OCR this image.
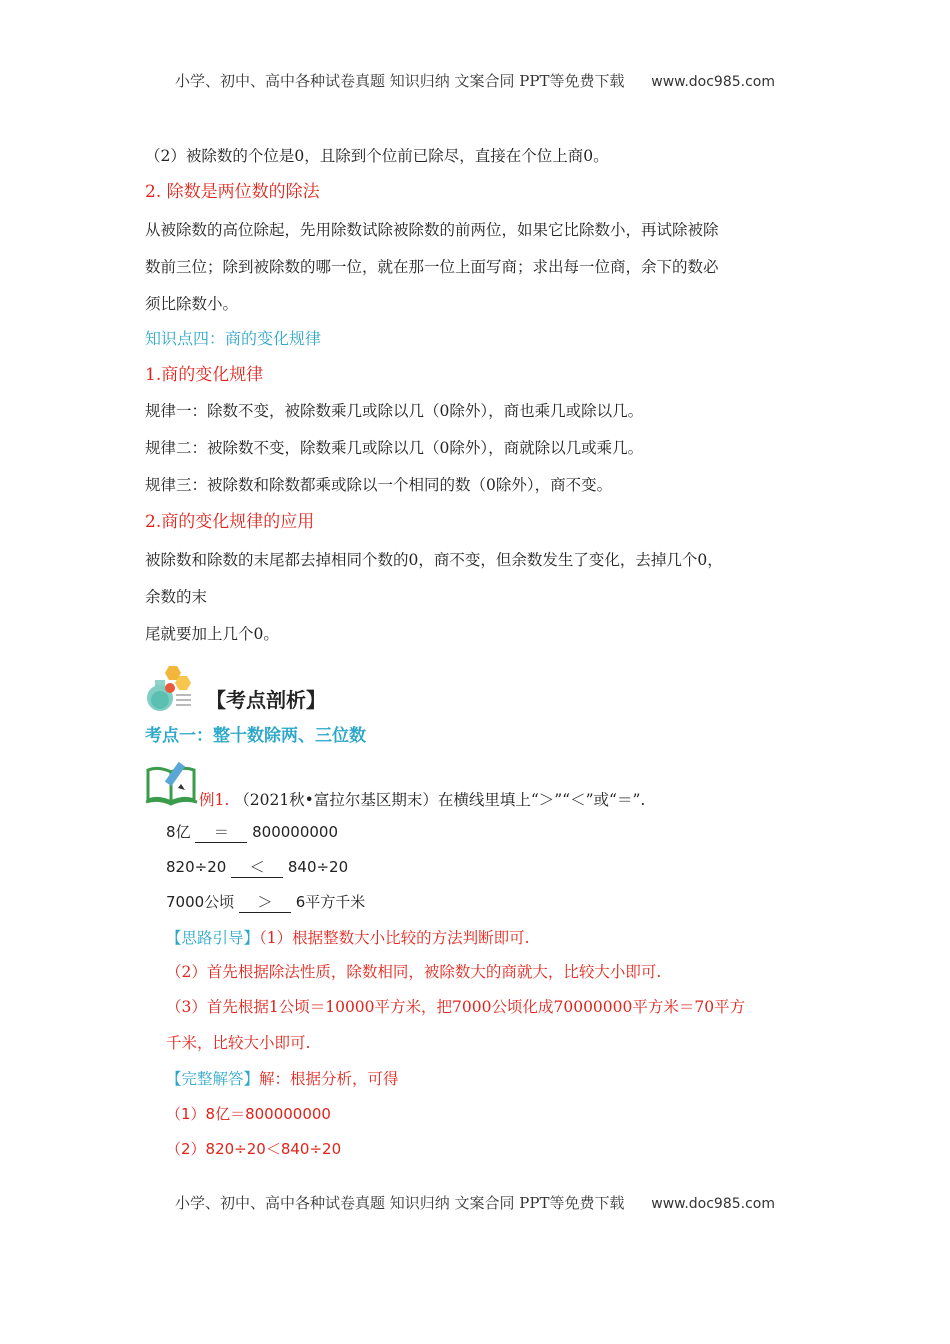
小学、初中、高中各种试卷真题 知识归纳 文案合同 PPT等免费下载 www.doc985.com
（2）被除数的个位是0，且除到个位前已除尽，直接在个位上商0。
2. 除数是两位数的除法
从被除数的高位除起，先用除数试除被除数的前两位，如果它比除数小，再试除被除
数前三位；除到被除数的哪一位，就在那一位上面写商；求出每一位商，余下的数必
须比除数小。
知识点四：商的变化规律
1.商的变化规律
规律一：除数不变，被除数乘几或除以几（0除外），商也乘几或除以几。
规律二：被除数不变，除数乘几或除以几（0除外），商就除以几或乘几。
规律三：被除数和除数都乘或除以一个相同的数（0除外），商不变。
2.商的变化规律的应用
被除数和除数的末尾都去掉相同个数的0，商不变，但余数发生了变化，去掉几个0，
余数的末
尾就要加上几个0。
【考点剖析】
考点一：整十数除两、三位数
例1. （2021秋•富拉尔基区期末）在横线里填上“＞”“＜”或“＝”.
8亿 ＝ 800000000
820÷20 ＜ 840÷20
7000公顷 ＞ 6平方千米
【思路引导】（1）根据整数大小比较的方法判断即可.
（2）首先根据除法性质，除数相同，被除数大的商就大，比较大小即可.
（3）首先根据1公顷＝10000平方米，把7000公顷化成70000000平方米＝70平方
千米，比较大小即可.
【完整解答】解：根据分析，可得
（1）8亿＝800000000
（2）820÷20＜840÷20
小学、初中、高中各种试卷真题 知识归纳 文案合同 PPT等免费下载 www.doc985.com
